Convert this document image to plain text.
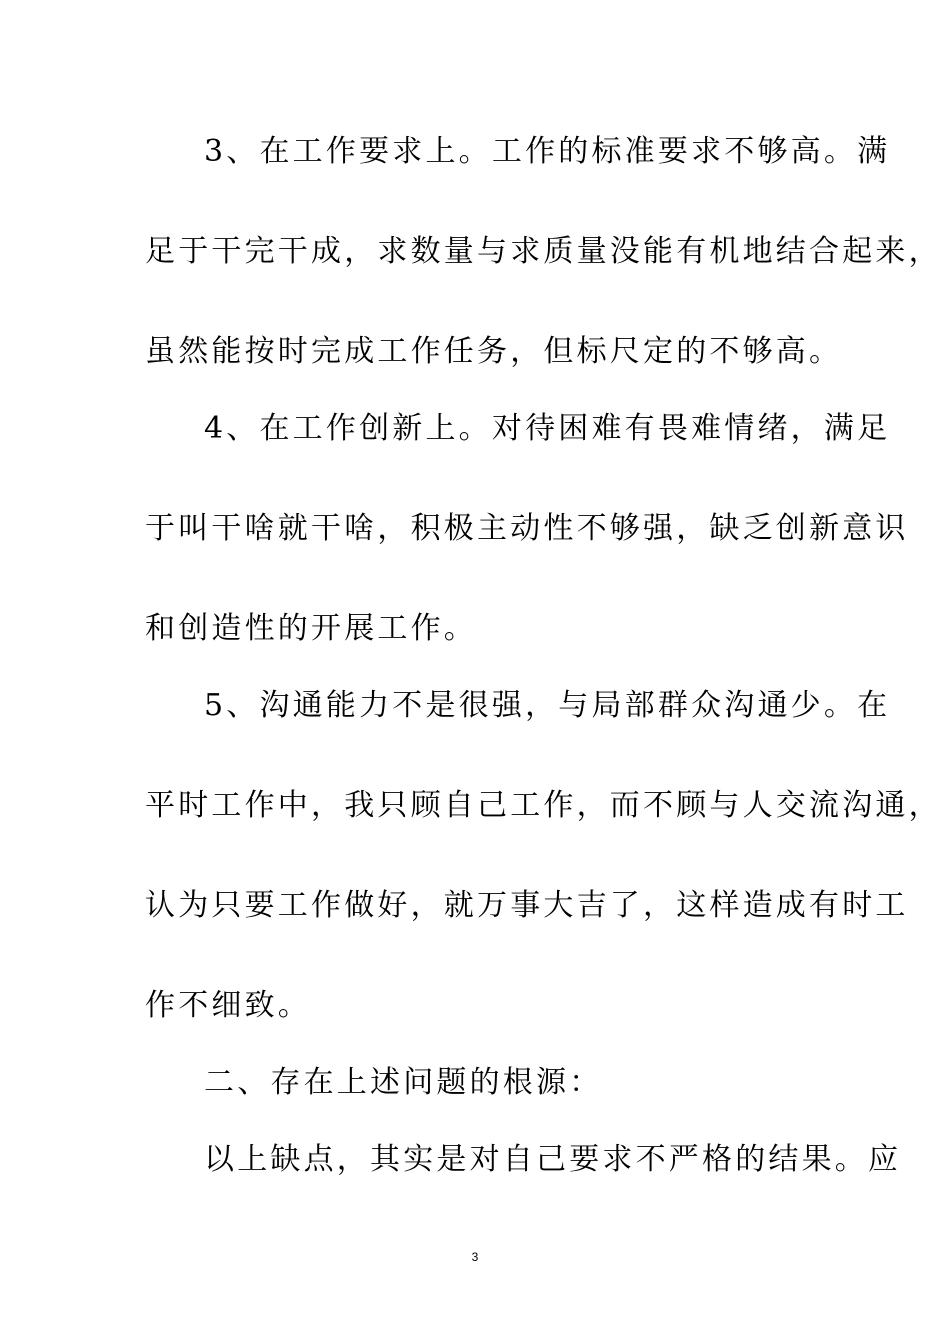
3、在工作要求上。工作的标准要求不够高。满
足于干完干成，求数量与求质量没能有机地结合起来，
虽然能按时完成工作任务，但标尺定的不够高。
4、在工作创新上。对待困难有畏难情绪，满足
于叫干啥就干啥，积极主动性不够强，缺乏创新意识
和创造性的开展工作。
5、沟通能力不是很强，与局部群众沟通少。在
平时工作中，我只顾自己工作，而不顾与人交流沟通，
认为只要工作做好，就万事大吉了，这样造成有时工
作不细致。
二、存在上述问题的根源：
以上缺点，其实是对自己要求不严格的结果。应
3
